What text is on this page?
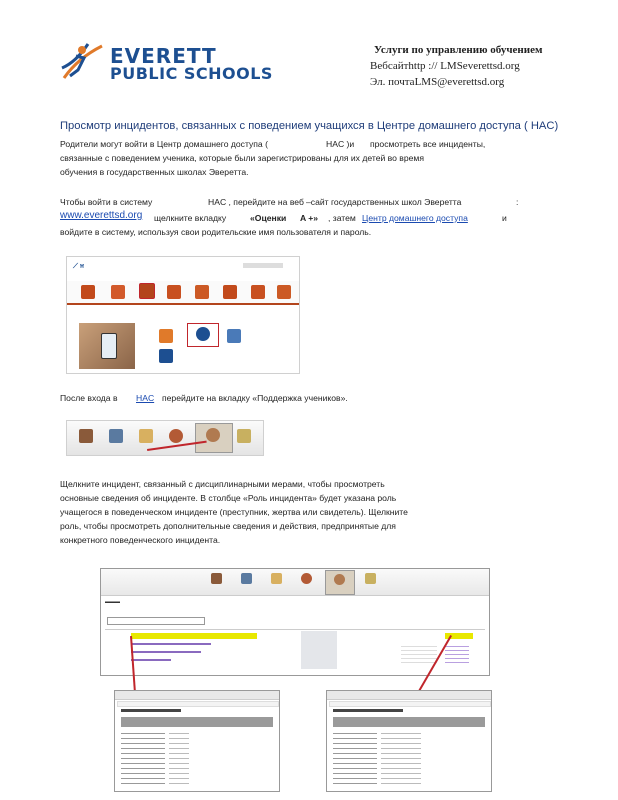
EVERETT
PUBLIC SCHOOLS
Услуги по управлению обучением
Вебсайтhttp :// LMSeverettsd.org
Эл. почтаLMS@everettsd.org
Просмотр инцидентов, связанных с поведением учащихся в Центре домашнего доступа ( HAC)
Родители могут войти в Центр домашнего доступа (	HAC )и просмотреть все инциденты,
связанные с поведением ученика, которые были зарегистрированы для их детей во время
обучения в государственных школах Эверетта.
Чтобы войти в систему	HAC , перейдите на веб –сайт государственных школ Эверетта	:
www.everettsd.org щелкните вкладку	«Оценки A +» , затем Центр домашнего доступа	и
войдите в систему, используя свои родительские имя пользователя и пароль.
⟋ ⁜
После входа в HAC перейдите на вкладку «Поддержка учеников».
Щелкните инцидент, связанный с дисциплинарными мерами, чтобы просмотреть
основные сведения об инциденте. В столбце «Роль инцидента» будет указана роль
учащегося в поведенческом инциденте (преступник, жертва или свидетель). Щелкните
роль, чтобы просмотреть дополнительные сведения и действия, предпринятые для
конкретного поведенческого инцидента.
▬▬▬
